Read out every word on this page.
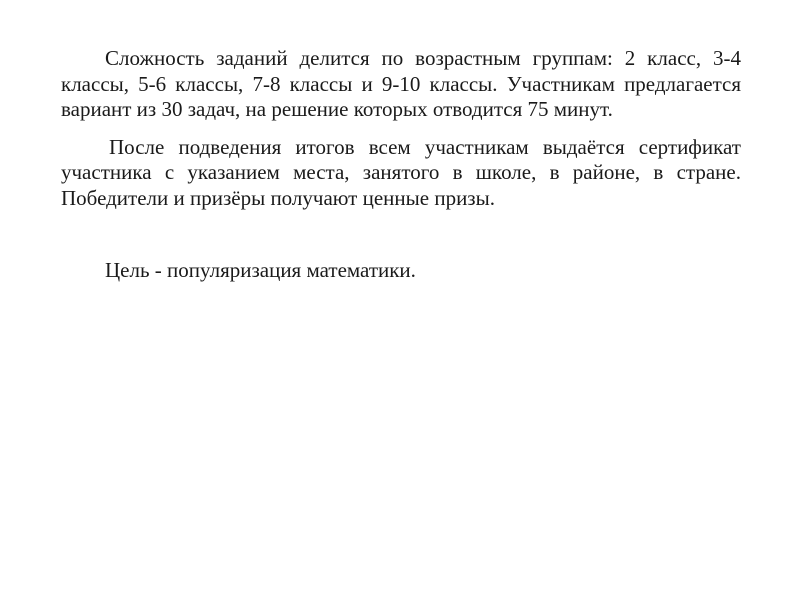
Сложность заданий делится по возрастным группам: 2 класс, 3-4 классы, 5-6 классы, 7-8 классы и 9-10 классы. Участникам предлагается вариант из 30 задач, на решение которых отводится 75 минут.

После подведения итогов всем участникам выдаётся сертификат участника с указанием места, занятого в школе, в районе, в стране. Победители и призёры получают ценные призы.

Цель - популяризация математики.
